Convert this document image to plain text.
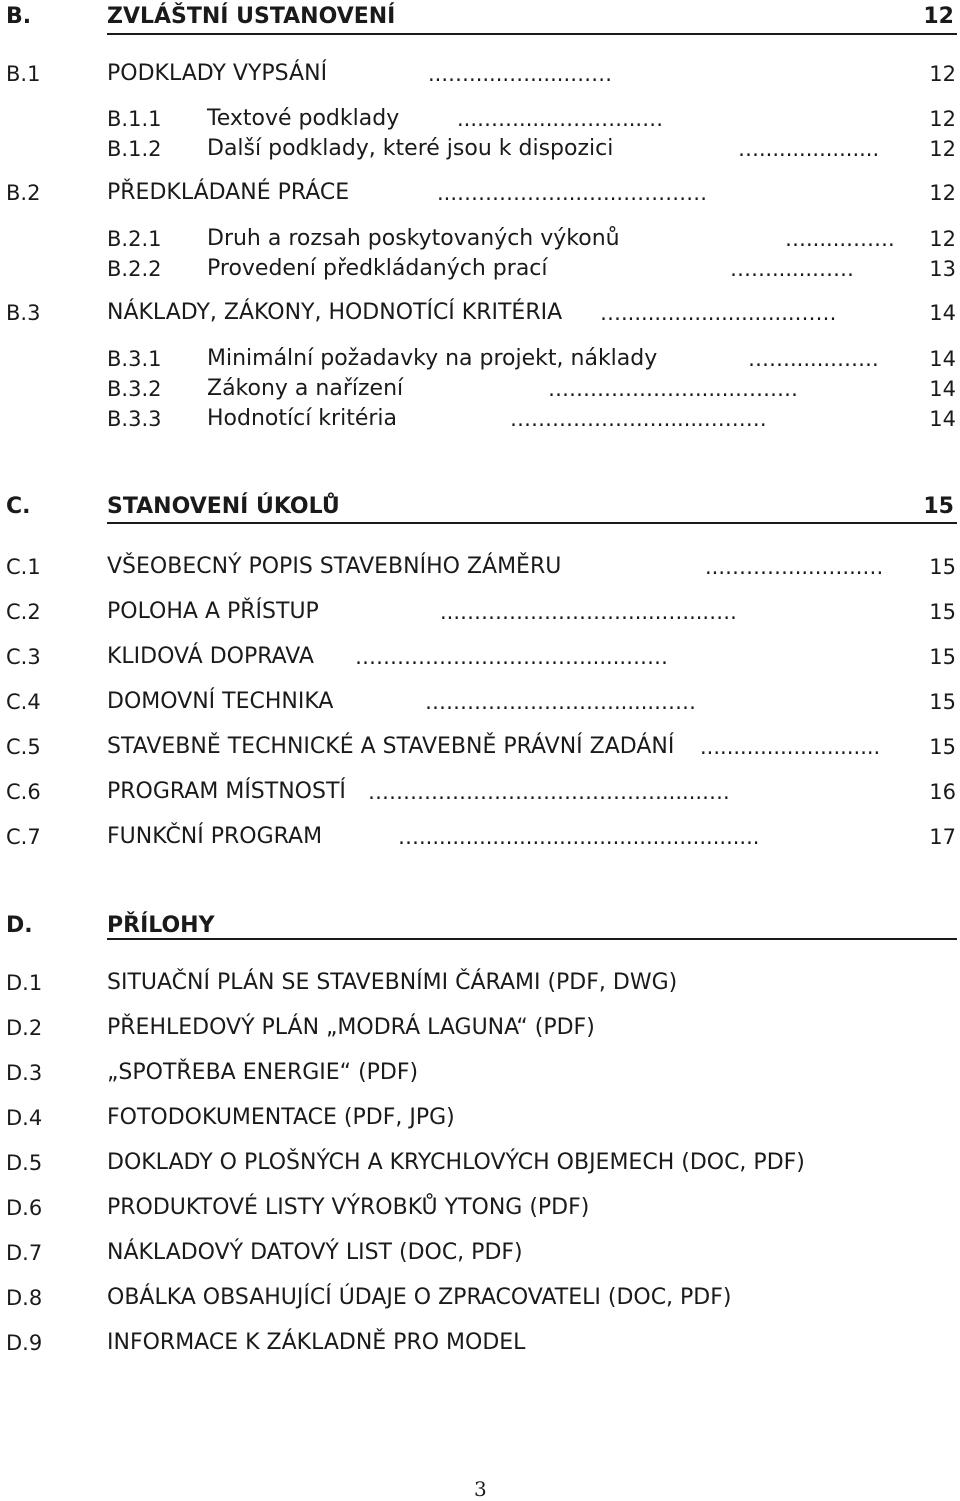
B.	ZVLÁŠTNÍ USTANOVENÍ	12
B.1	PODKLADY VYPSÁNÍ	...…......…......……	12
B.1.1 Textové podklady	...……......………...…	12
B.1.2 Další podklady, které jsou k dispozici	…..................	12
B.2	PŘEDKLÁDANÉ PRÁCE	...……………...…...…………	12
B.2.1 Druh a rozsah poskytovaných výkonů	…......…….	12
B.2.2 Provedení předkládaných prací	……......……	13
B.3	NÁKLADY, ZÁKONY, HODNOTÍCÍ KRITÉRIA …..........................……	14
B.3.1 Minimální požadavky na projekt, náklady	……......…….	14
B.3.2 Zákony a nařízení	…………………......………	14
B.3.3 Hodnotící kritéria	……………….…......………	14
C.	STANOVENÍ ÚKOLŮ	15
C.1	VŠEOBECNÝ POPIS STAVEBNÍHO ZÁMĚRU	...……….....…...…	15
C.2	POLOHA A PŘÍSTUP	...…………………….....…....….	15
C.3	KLIDOVÁ DOPRAVA ……………………………......……	15
C.4	DOMOVNÍ TECHNIKA	………………………......……	15
C.5	STAVEBNĚ TECHNICKÉ A STAVEBNĚ PRÁVNÍ ZADÁNÍ ...........................	15
C.6	PROGRAM MÍSTNOSTÍ ……………………………………......….	16
C.7	FUNKČNÍ PROGRAM	…...................................................	17
D.	PŘÍLOHY
D.1	SITUAČNÍ PLÁN SE STAVEBNÍMI ČÁRAMI (PDF, DWG)
D.2	PŘEHLEDOVÝ PLÁN „MODRÁ LAGUNA“ (PDF)
D.3	„SPOTŘEBA ENERGIE“ (PDF)
D.4	FOTODOKUMENTACE (PDF, JPG)
D.5	DOKLADY O PLOŠNÝCH A KRYCHLOVÝCH OBJEMECH (DOC, PDF)
D.6	PRODUKTOVÉ LISTY VÝROBKŮ YTONG (PDF)
D.7	NÁKLADOVÝ DATOVÝ LIST (DOC, PDF)
D.8	OBÁLKA OBSAHUJÍCÍ ÚDAJE O ZPRACOVATELI (DOC, PDF)
D.9	INFORMACE K ZÁKLADNĚ PRO MODEL
3
